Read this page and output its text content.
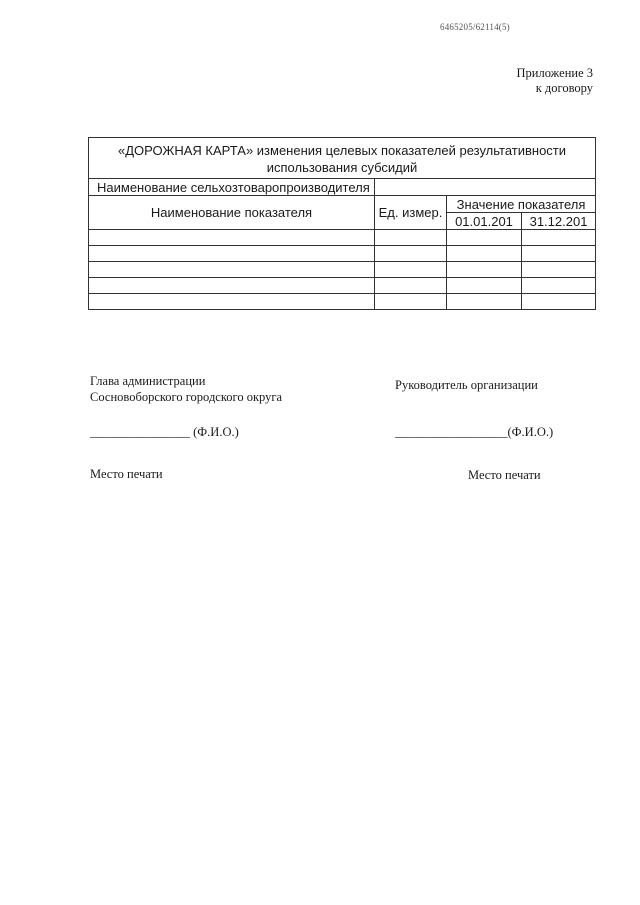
6465205/62114(5)
Приложение 3
к договору
«ДОРОЖНАЯ КАРТА» изменения целевых показателей результативности использования субсидий			
Наименование сельхозтоваропроизводителя			
Наименование показателя	Ед. измер.	Значение показателя	
		01.01.201	31.12.201

Глава администрации
Сосновоборского городского округа
________________ (Ф.И.О.)
Место печати
Руководитель организации
__________________(Ф.И.О.)
Место печати
